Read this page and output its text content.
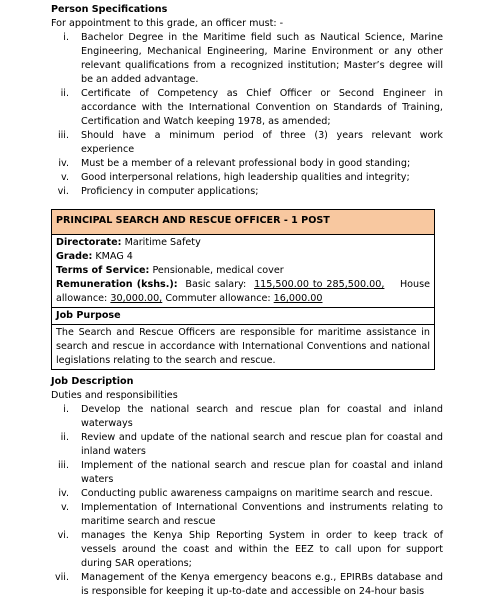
Person Specifications
For appointment to this grade, an officer must: -
i. Bachelor Degree in the Maritime field such as Nautical Science, Marine Engineering, Mechanical Engineering, Marine Environment or any other relevant qualifications from a recognized institution; Master’s degree will be an added advantage.
ii. Certificate of Competency as Chief Officer or Second Engineer in accordance with the International Convention on Standards of Training, Certification and Watch keeping 1978, as amended;
iii. Should have a minimum period of three (3) years relevant work experience
iv. Must be a member of a relevant professional body in good standing;
v. Good interpersonal relations, high leadership qualities and integrity;
vi. Proficiency in computer applications;
PRINCIPAL SEARCH AND RESCUE OFFICER - 1 POST

Directorate: Maritime Safety
Grade: KMAG 4
Terms of Service: Pensionable, medical cover
Remuneration (kshs.): Basic salary: 115,500.00 to 285,500.00, House allowance: 30,000.00, Commuter allowance: 16,000.00

Job Purpose

The Search and Rescue Officers are responsible for maritime assistance in search and rescue in accordance with International Conventions and national legislations relating to the search and rescue.
Job Description
Duties and responsibilities
i. Develop the national search and rescue plan for coastal and inland waterways
ii. Review and update of the national search and rescue plan for coastal and inland waters
iii. Implement of the national search and rescue plan for coastal and inland waters
iv. Conducting public awareness campaigns on maritime search and rescue.
v. Implementation of International Conventions and instruments relating to maritime search and rescue
vi. manages the Kenya Ship Reporting System in order to keep track of vessels around the coast and within the EEZ to call upon for support during SAR operations;
vii. Management of the Kenya emergency beacons e.g., EPIRBs database and is responsible for keeping it up-to-date and accessible on 24-hour basis
